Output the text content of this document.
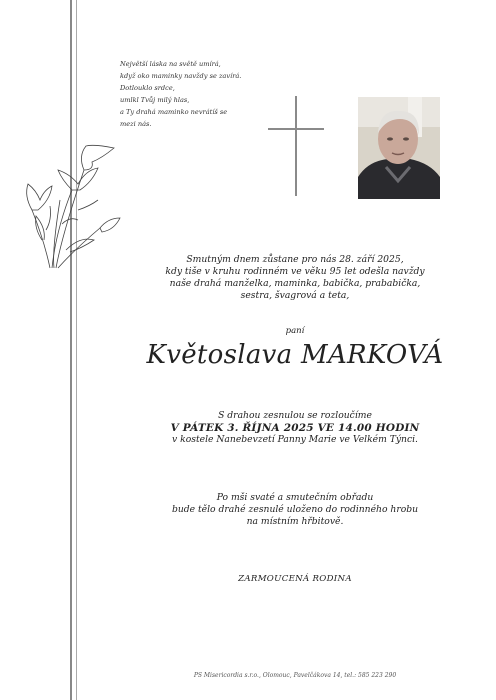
Největší láska na světě umírá,
když oko maminky navždy se zavírá.
Dotlouklo srdce,
umlkl Tvůj milý hlas,
a Ty drahá maminko nevrátíš se
mezi nás.
Smutným dnem zůstane pro nás 28. září 2025,
kdy tiše v kruhu rodinném ve věku 95 let odešla navždy
naše drahá manželka, maminka, babička, prababička,
sestra, švagrová a teta,
paní
Květoslava MARKOVÁ
S drahou zesnulou se rozloučíme
V PÁTEK 3. ŘÍJNA 2025 VE 14.00 HODIN
v kostele Nanebevzetí Panny Marie ve Velkém Týnci.
Po mši svaté a smutečním obřadu
bude tělo drahé zesnulé uloženo do rodinného hrobu
na místním hřbitově.
ZARMOUCENÁ RODINA
PS Misericordia s.r.o., Olomouc, Pavelčákova 14, tel.: 585 223 290
